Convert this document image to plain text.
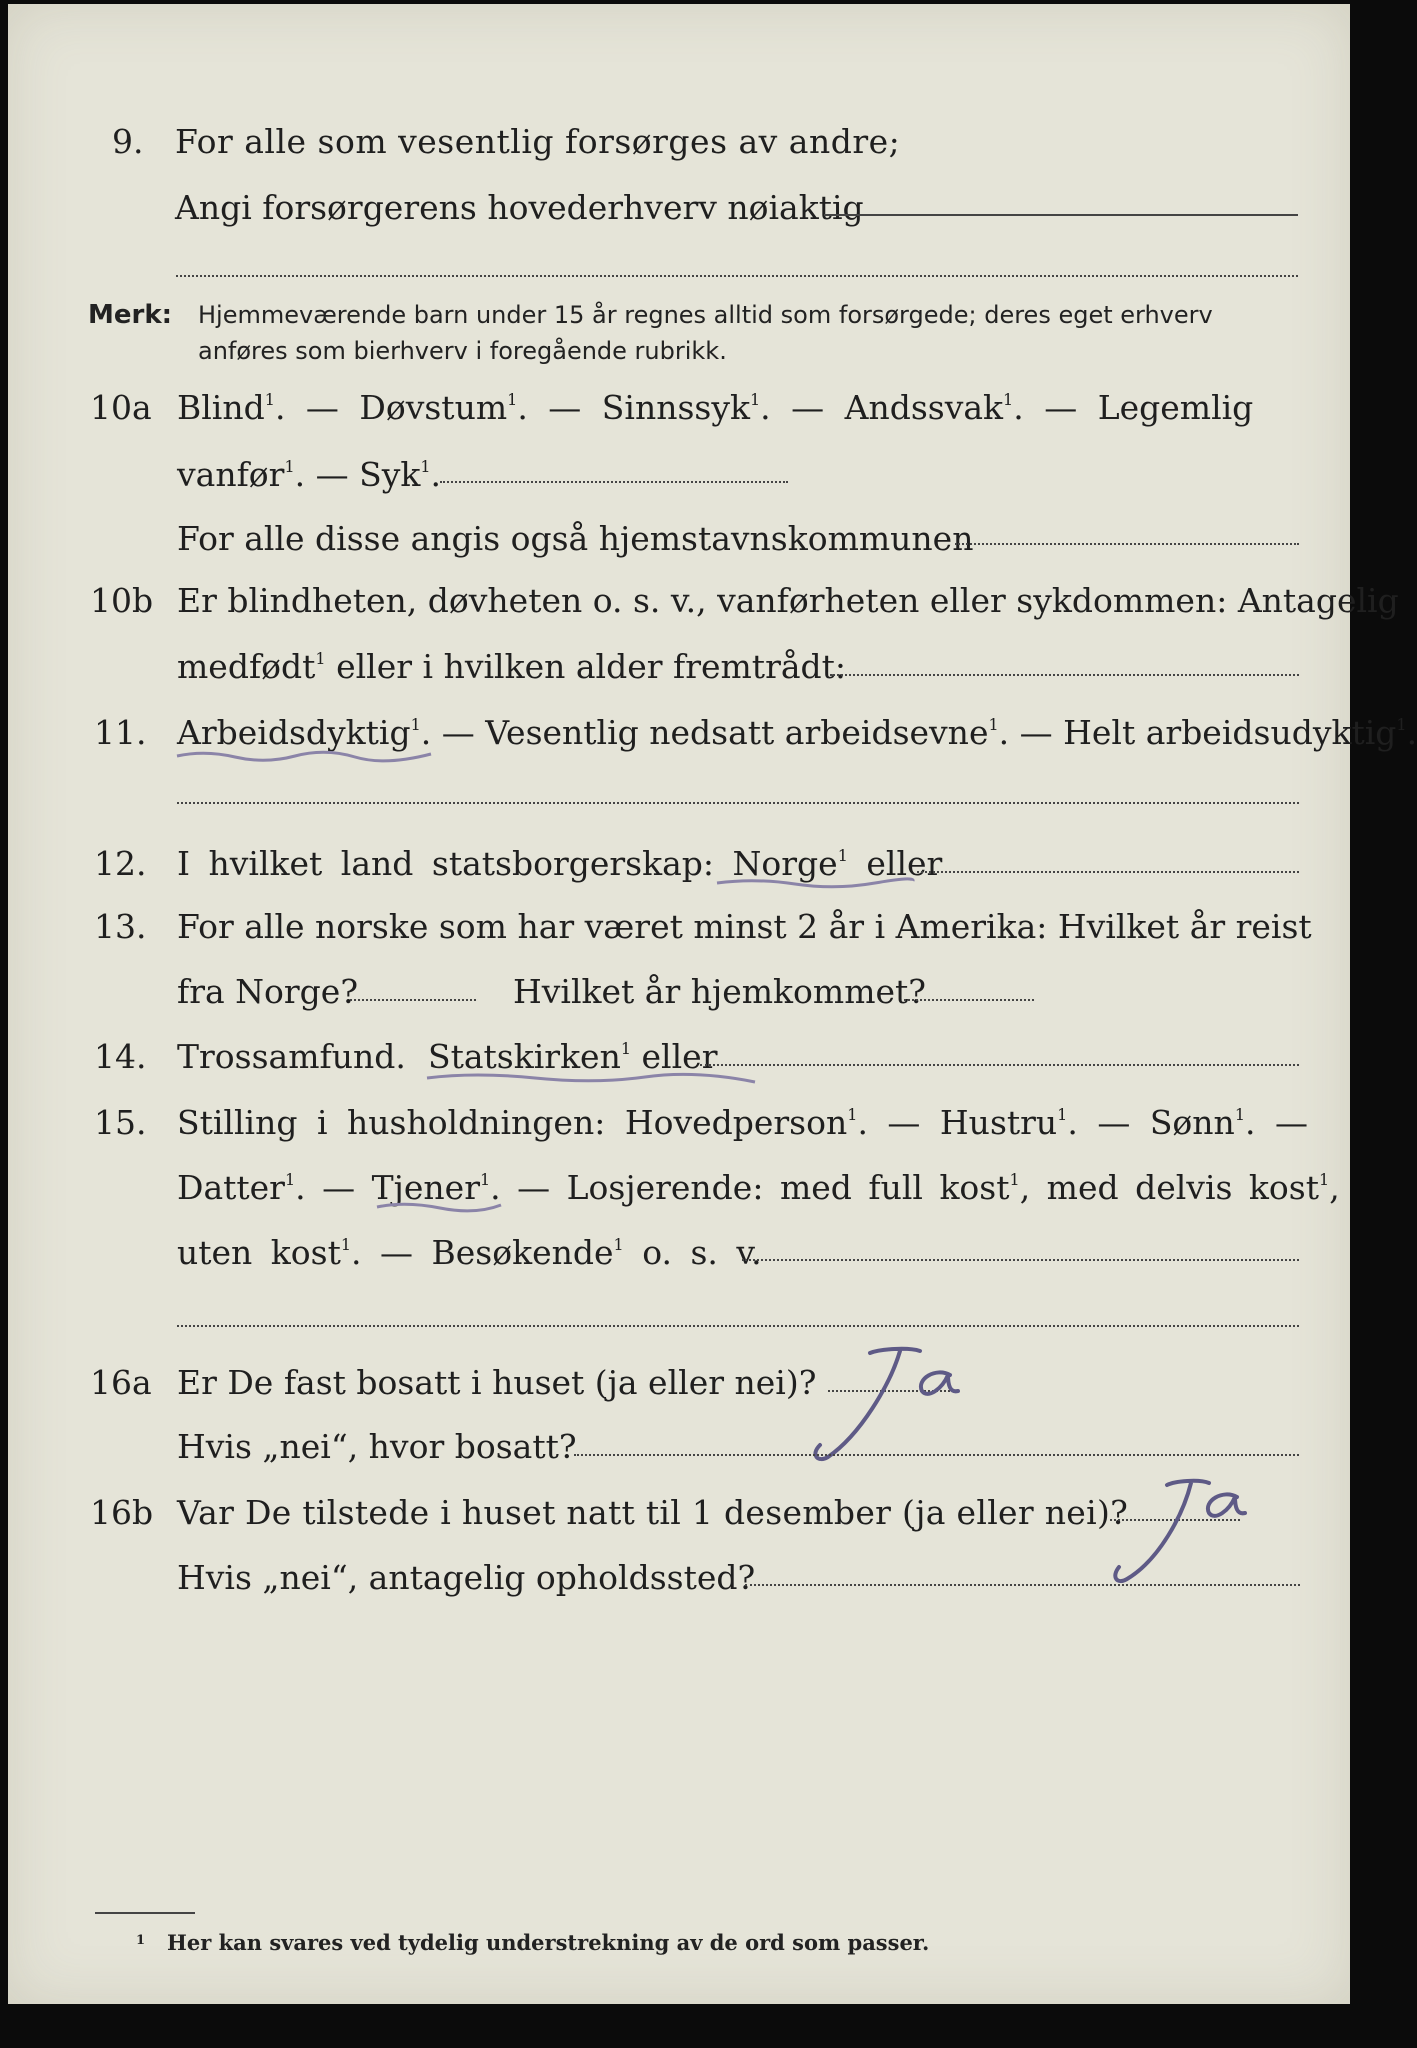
9. For alle som vesentlig forsørges av andre;
Angi forsørgerens hovederhverv nøiaktig
Merk: Hjemmeværende barn under 15 år regnes alltid som forsørgede; deres eget erhverv
anføres som bierhverv i foregående rubrikk.
10a Blind$^1$. — Døvstum$^1$. — Sinnssyk$^1$. — Andssvak$^1$. — Legemlig
vanfør$^1$. — Syk$^1$.
For alle disse angis også hjemstavnskommunen
10b Er blindheten, døvheten o. s. v., vanførheten eller sykdommen: Antagelig
medfødt$^1$ eller i hvilken alder fremtrådt:
11. Arbeidsdyktig$^1$. — Vesentlig nedsatt arbeidsevne$^1$. — Helt arbeidsudyktig$^1$.
12. I hvilket land statsborgerskap: Norge$^1$ eller
13. For alle norske som har været minst 2 år i Amerika: Hvilket år reist
fra Norge?	Hvilket år hjemkommet?
14. Trossamfund. Statskirken$^1$ eller
15. Stilling i husholdningen: Hovedperson$^1$. — Hustru$^1$. — Sønn$^1$. —
Datter$^1$. — Tjener$^1$. — Losjerende: med full kost$^1$, med delvis kost$^1$,
uten kost$^1$. — Besøkende$^1$ o. s. v.
16a Er De fast bosatt i huset (ja eller nei)?
Hvis „nei“, hvor bosatt?
16b Var De tilstede i huset natt til 1 desember (ja eller nei)?
Hvis „nei“, antagelig opholdssted?
1 Her kan svares ved tydelig understrekning av de ord som passer.
